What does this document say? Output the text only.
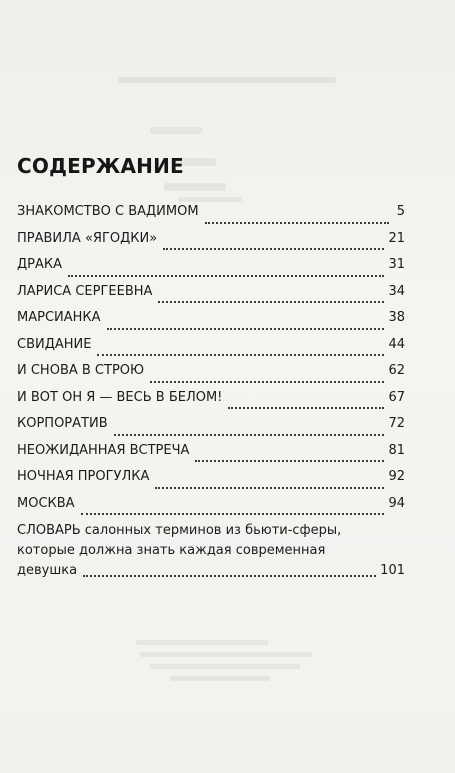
СОДЕРЖАНИЕ
ЗНАКОМСТВО С ВАДИМОМ	5
ПРАВИЛА «ЯГОДКИ»	21
ДРАКА	31
ЛАРИСА СЕРГЕЕВНА	34
МАРСИАНКА	38
СВИДАНИЕ	44
И СНОВА В СТРОЮ	62
И ВОТ ОН Я — ВЕСЬ В БЕЛОМ!	67
КОРПОРАТИВ	72
НЕОЖИДАННАЯ ВСТРЕЧА	81
НОЧНАЯ ПРОГУЛКА	92
МОСКВА	94
СЛОВАРЬ салонных терминов из бьюти-сферы,
которые должна знать каждая современная
девушка	101
